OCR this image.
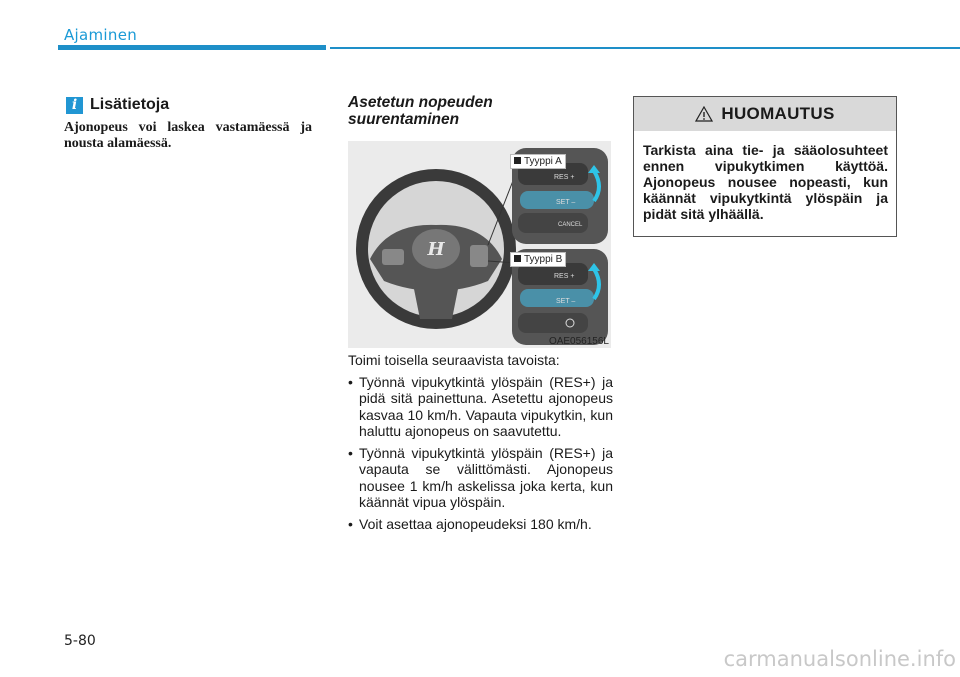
Ajaminen
i Lisätietoja
Ajonopeus voi laskea vastamäessä ja nousta alamäessä.
Asetetun nopeuden suurentaminen
H
RES +
SET –
CANCEL
RES +
SET –
Tyyppi A
Tyyppi B
OAE056156L

Toimi toisella seuraavista tavoista:

• Työnnä vipukytkintä ylöspäin (RES+) ja pidä sitä painettuna. Asetettu ajonopeus kasvaa 10 km/h. Vapauta vipukytkin, kun haluttu ajonopeus on saavutettu.
• Työnnä vipukytkintä ylöspäin (RES+) ja vapauta se välittömästi. Ajonopeus nousee 1 km/h askelissa joka kerta, kun käännät vipua ylöspäin.
• Voit asettaa ajonopeudeksi 180 km/h.
HUOMAUTUS
Tarkista aina tie- ja sääolosuhteet ennen vipukytkimen käyttöä. Ajonopeus nousee nopeasti, kun käännät vipukytkintä ylöspäin ja pidät sitä ylhäällä.
5-80
carmanualsonline.info
